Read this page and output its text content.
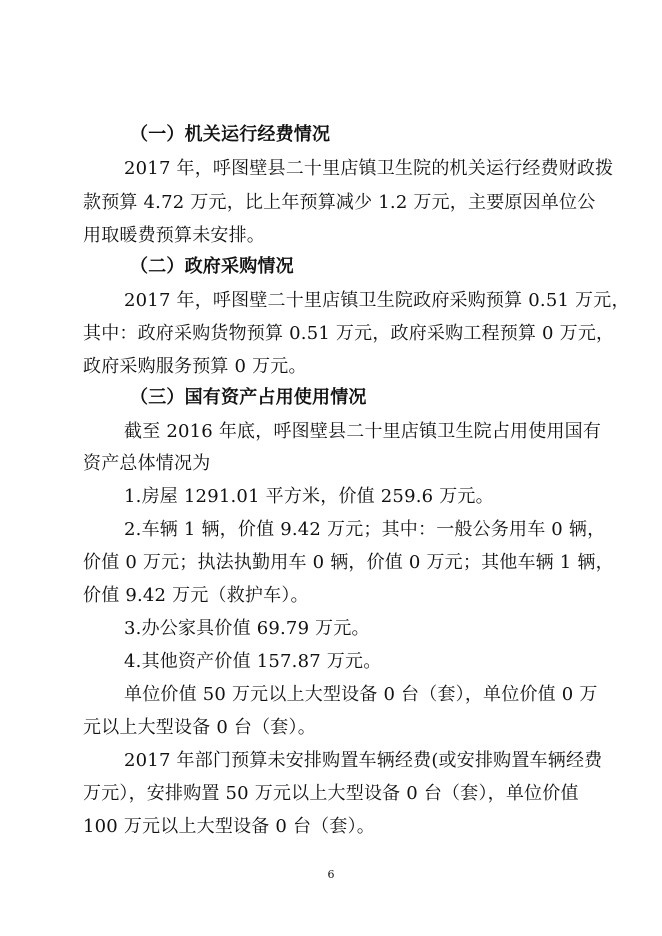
（一）机关运行经费情况
2017 年，呼图壁县二十里店镇卫生院的机关运行经费财政拨
款预算 4.72 万元，比上年预算减少 1.2 万元，主要原因单位公
用取暖费预算未安排。
（二）政府采购情况
2017 年，呼图壁二十里店镇卫生院政府采购预算 0.51 万元，
其中：政府采购货物预算 0.51 万元，政府采购工程预算 0 万元，
政府采购服务预算 0 万元。
（三）国有资产占用使用情况
截至 2016 年底，呼图壁县二十里店镇卫生院占用使用国有
资产总体情况为
1.房屋 1291.01 平方米，价值 259.6 万元。
2.车辆 1 辆，价值 9.42 万元；其中：一般公务用车 0 辆，
价值 0 万元；执法执勤用车 0 辆，价值 0 万元；其他车辆 1 辆，
价值 9.42 万元（救护车）。
3.办公家具价值 69.79 万元。
4.其他资产价值 157.87 万元。
单位价值 50 万元以上大型设备 0 台（套），单位价值 0 万
元以上大型设备 0 台（套）。
2017 年部门预算未安排购置车辆经费(或安排购置车辆经费
万元），安排购置 50 万元以上大型设备 0 台（套），单位价值
100 万元以上大型设备 0 台（套）。
6
